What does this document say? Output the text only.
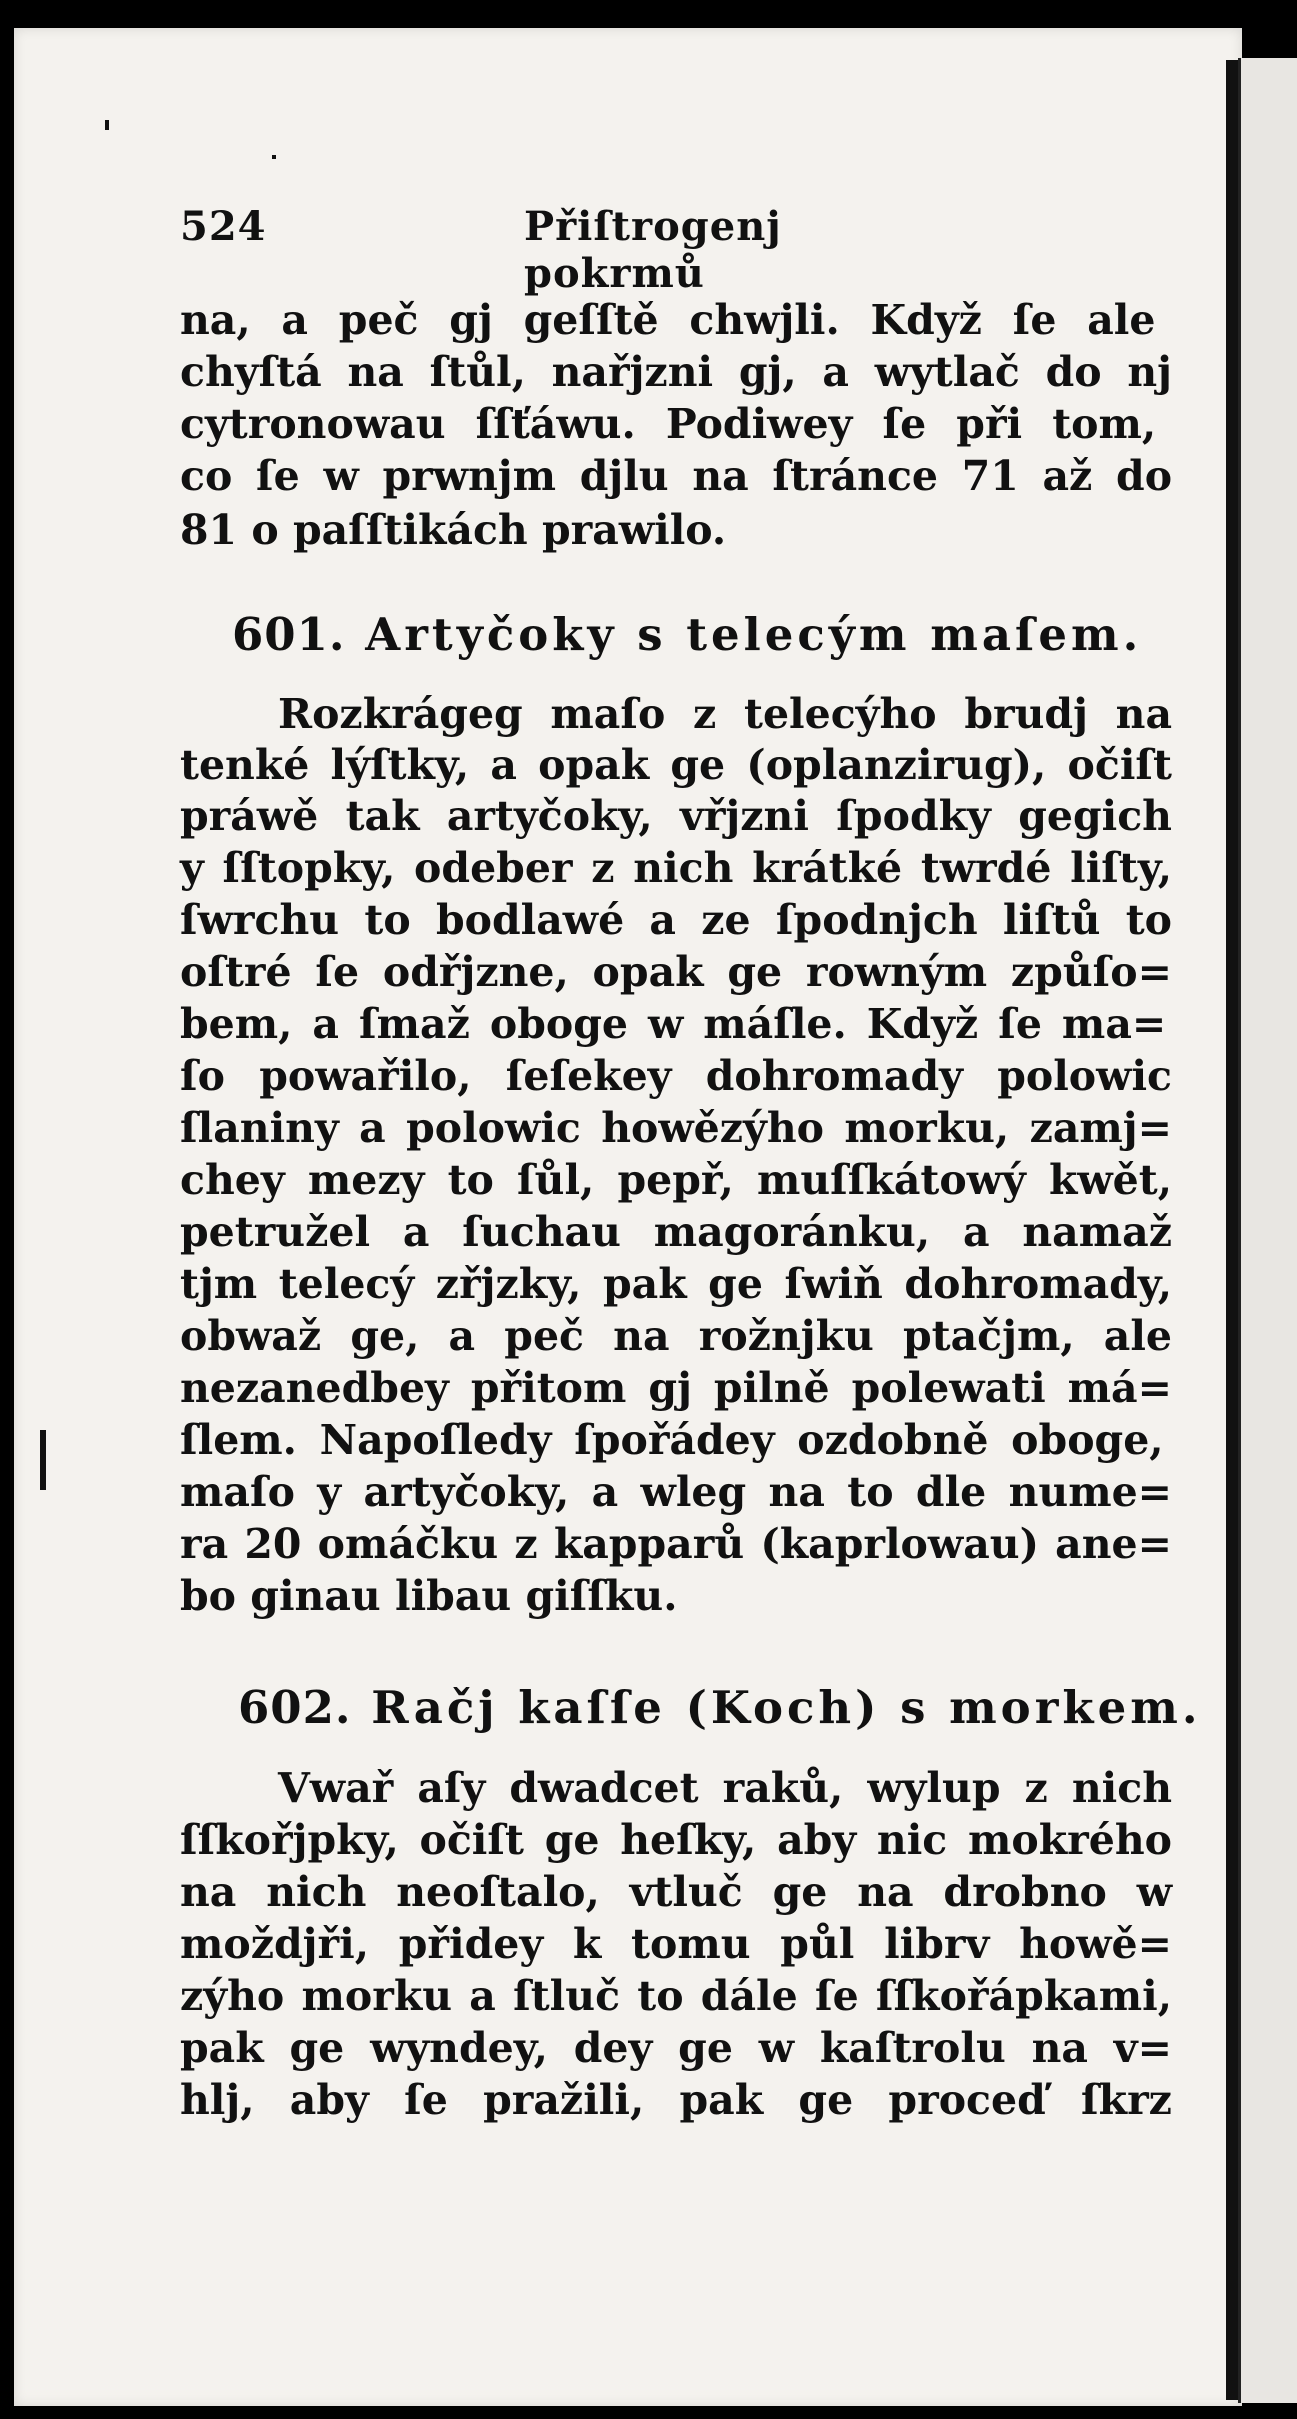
524	Přiſtrogenj pokrmů
na, a peč gj geſſtě chwjli. Když ſe ale
chyſtá na ſtůl, nařjzni gj, a wytlač do nj
cytronowau ſſťáwu. Podiwey ſe při tom,
co ſe w prwnjm djlu na ſtránce 71 až do
81 o paſſtikách prawilo.
601. Artyčoky s telecým maſem.
Rozkrágeg maſo z telecýho brudj na
tenké lýſtky, a opak ge (oplanzirug), očiſt
práwě tak artyčoky, vřjzni ſpodky gegich
y ſſtopky, odeber z nich krátké twrdé liſty,
ſwrchu to bodlawé a ze ſpodnjch liſtů to
oſtré ſe odřjzne, opak ge rowným způſo=
bem, a ſmaž oboge w máſle. Když ſe ma=
ſo powařilo, ſeſekey dohromady polowic
ſlaniny a polowic howězýho morku, zamj=
chey mezy to ſůl, pepř, muſſkátowý kwět,
petružel a ſuchau magoránku, a namaž
tjm telecý zřjzky, pak ge ſwiň dohromady,
obwaž ge, a peč na rožnjku ptačjm, ale
nezanedbey přitom gj pilně polewati má=
ſlem. Napoſledy ſpořádey ozdobně oboge,
maſo y artyčoky, a wleg na to dle nume=
ra 20 omáčku z kapparů (kaprlowau) ane=
bo ginau libau giſſku.
602. Račj kaſſe (Koch) s morkem.
Vwař aſy dwadcet raků, wylup z nich
ſſkořjpky, očiſt ge heſky, aby nic mokrého
na nich neoſtalo, vtluč ge na drobno w
moždjři, přidey k tomu půl librv howě=
zýho morku a ſtluč to dále ſe ſſkořápkami,
pak ge wyndey, dey ge w kaſtrolu na v=
hlj, aby ſe pražili, pak ge proceď ſkrz
